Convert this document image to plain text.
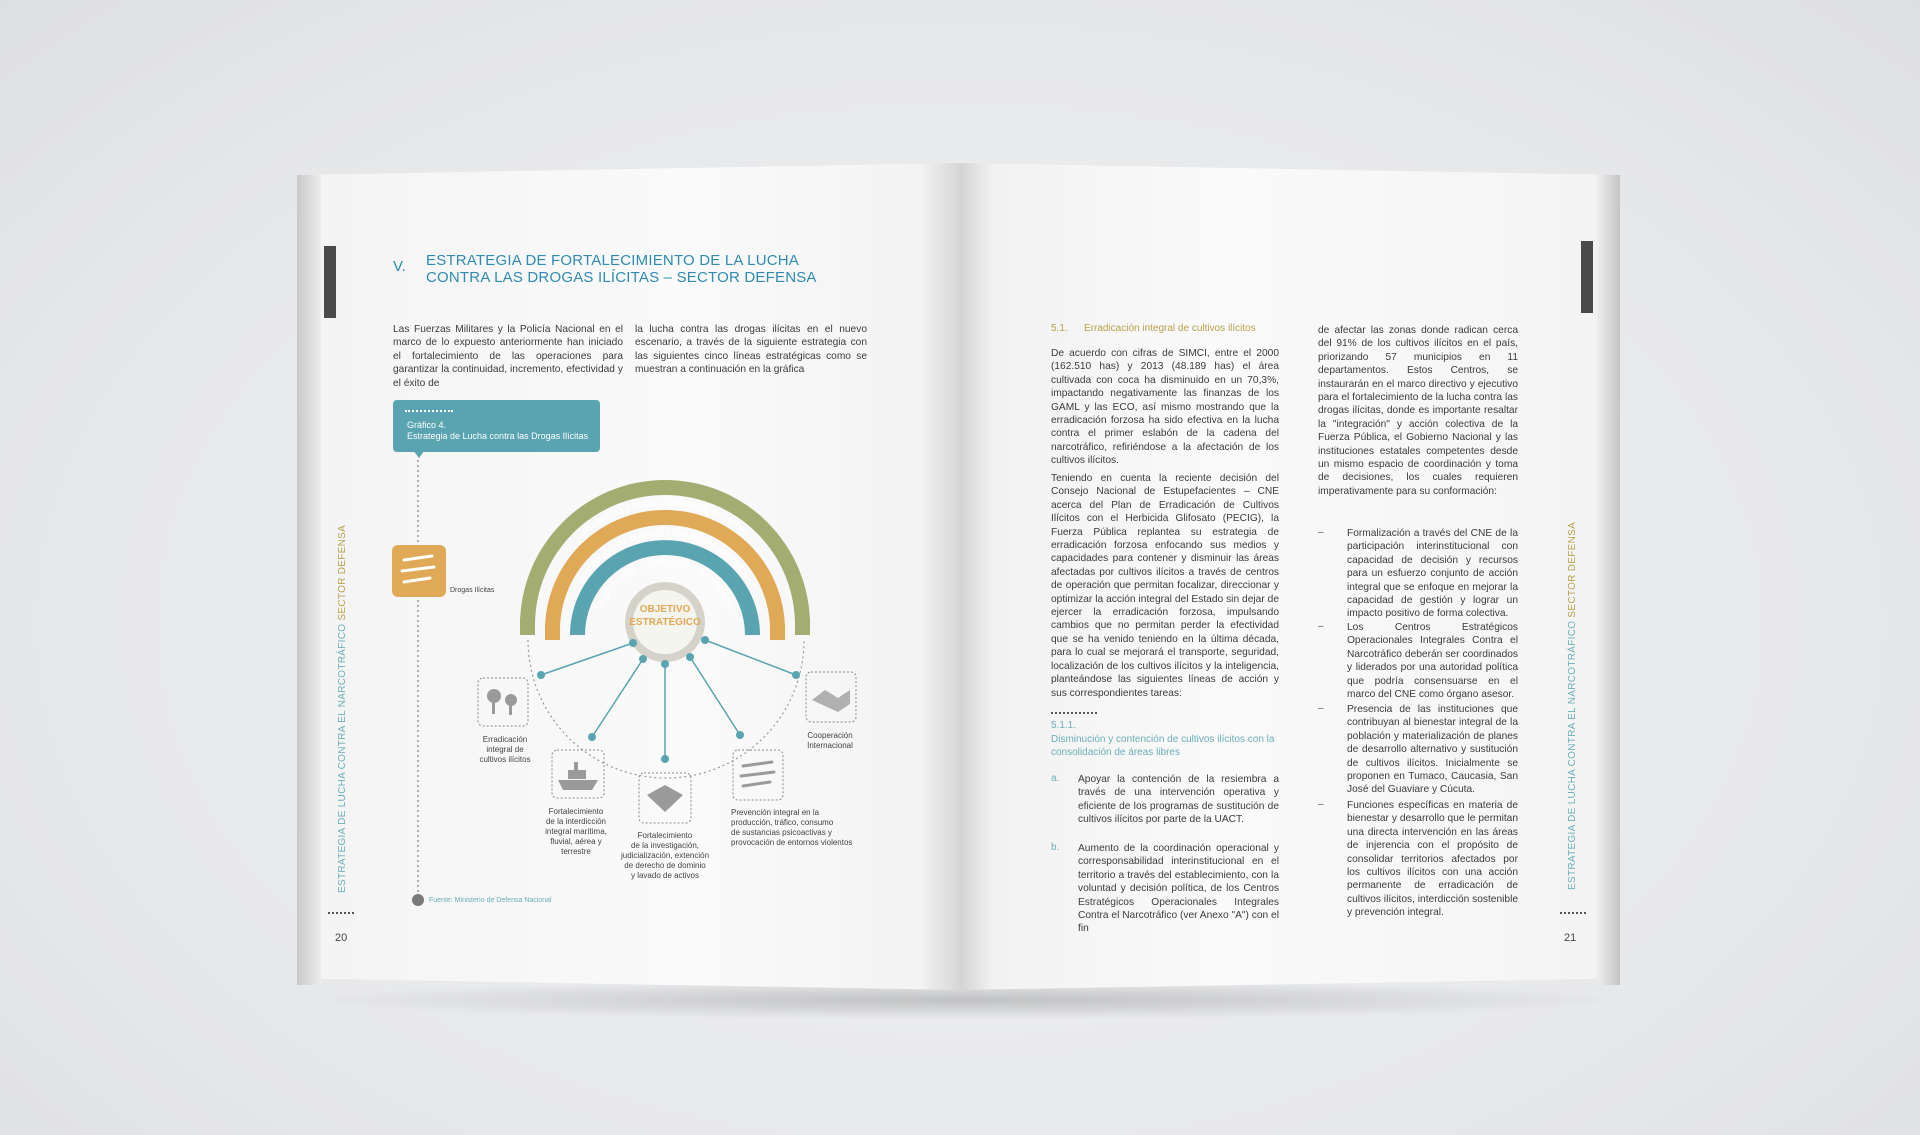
V. ESTRATEGIA DE FORTALECIMIENTO DE LA LUCHA
CONTRA LAS DROGAS ILÍCITAS – SECTOR DEFENSA
Las Fuerzas Militares y la Policía Nacional en el marco de lo expuesto anteriormente han iniciado el fortalecimiento de las operaciones para garantizar la continuidad, incremento, efectividad y el éxito de
la lucha contra las drogas ilícitas en el nuevo escenario, a través de la siguiente estrategia con las siguientes cinco líneas estratégicas como se muestran a continuación en la gráfica
Gráfico 4.
Estrategia de Lucha contra las Drogas Ilícitas
Presencia estatal y desarrollo territorial
Sustitución de cultivos y desarrollo alternativo
Seguimiento y evaluación del impacto
OBJETIVO
ESTRATÉGICO
Drogas Ilícitas
Erradicación
integral de
cultivos ilícitos
Fortalecimiento
de la interdicción
integral marítima,
fluvial, aérea y
terrestre
Fortalecimiento
de la investigación,
judicialización, extención
de derecho de dominio
y lavado de activos
Prevención integral en la
producción, tráfico, consumo
de sustancias psicoactivas y
provocación de entornos violentos
Cooperación
Internacional
Fuente: Ministerio de Defensa Nacional
ESTRATEGIA DE LUCHA CONTRA EL NARCOTRÁFICO SECTOR DEFENSA
20
5.1. Erradicación integral de cultivos ilícitos
De acuerdo con cifras de SIMCI, entre el 2000 (162.510 has) y 2013 (48.189 has) el área cultivada con coca ha disminuido en un 70,3%, impactando negativamente las finanzas de los GAML y las ECO, así mismo mostrando que la erradicación forzosa ha sido efectiva en la lucha contra el primer eslabón de la cadena del narcotráfico, refiriéndose a la afectación de los cultivos ilícitos.
Teniendo en cuenta la reciente decisión del Consejo Nacional de Estupefacientes – CNE acerca del Plan de Erradicación de Cultivos Ilícitos con el Herbicida Glifosato (PECIG), la Fuerza Pública replantea su estrategia de erradicación forzosa enfocando sus medios y capacidades para contener y disminuir las áreas afectadas por cultivos ilícitos a través de centros de operación que permitan focalizar, direccionar y optimizar la acción integral del Estado sin dejar de ejercer la erradicación forzosa, impulsando cambios que no permitan perder la efectividad que se ha venido teniendo en la última década, para lo cual se mejorará el transporte, seguridad, localización de los cultivos ilícitos y la inteligencia, planteándose las siguientes líneas de acción y sus correspondientes tareas:
5.1.1.
Disminución y contención de cultivos ilícitos con la consolidación de áreas libres
a. Apoyar la contención de la resiembra a través de una intervención operativa y eficiente de los programas de sustitución de cultivos ilícitos por parte de la UACT.
b. Aumento de la coordinación operacional y corresponsabilidad interinstitucional en el territorio a través del establecimiento, con la voluntad y decisión política, de los Centros Estratégicos Operacionales Integrales Contra el Narcotráfico (ver Anexo "A") con el fin
de afectar las zonas donde radican cerca del 91% de los cultivos ilícitos en el país, priorizando 57 municipios en 11 departamentos. Estos Centros, se instaurarán en el marco directivo y ejecutivo para el fortalecimiento de la lucha contra las drogas ilícitas, donde es importante resaltar la "integración" y acción colectiva de la Fuerza Pública, el Gobierno Nacional y las instituciones estatales competentes desde un mismo espacio de coordinación y toma de decisiones, los cuales requieren imperativamente para su conformación:
– Formalización a través del CNE de la participación interinstitucional con capacidad de decisión y recursos para un esfuerzo conjunto de acción integral que se enfoque en mejorar la capacidad de gestión y lograr un impacto positivo de forma colectiva.
– Los Centros Estratégicos Operacionales Integrales Contra el Narcotráfico deberán ser coordinados y liderados por una autoridad política que podría consensuarse en el marco del CNE como órgano asesor.
– Presencia de las instituciones que contribuyan al bienestar integral de la población y materialización de planes de desarrollo alternativo y sustitución de cultivos ilícitos. Inicialmente se proponen en Tumaco, Caucasia, San José del Guaviare y Cúcuta.
– Funciones específicas en materia de bienestar y desarrollo que le permitan una directa intervención en las áreas de injerencia con el propósito de consolidar territorios afectados por los cultivos ilícitos con una acción permanente de erradicación de cultivos ilícitos, interdicción sostenible y prevención integral.
ESTRATEGIA DE LUCHA CONTRA EL NARCOTRÁFICO SECTOR DEFENSA
21
